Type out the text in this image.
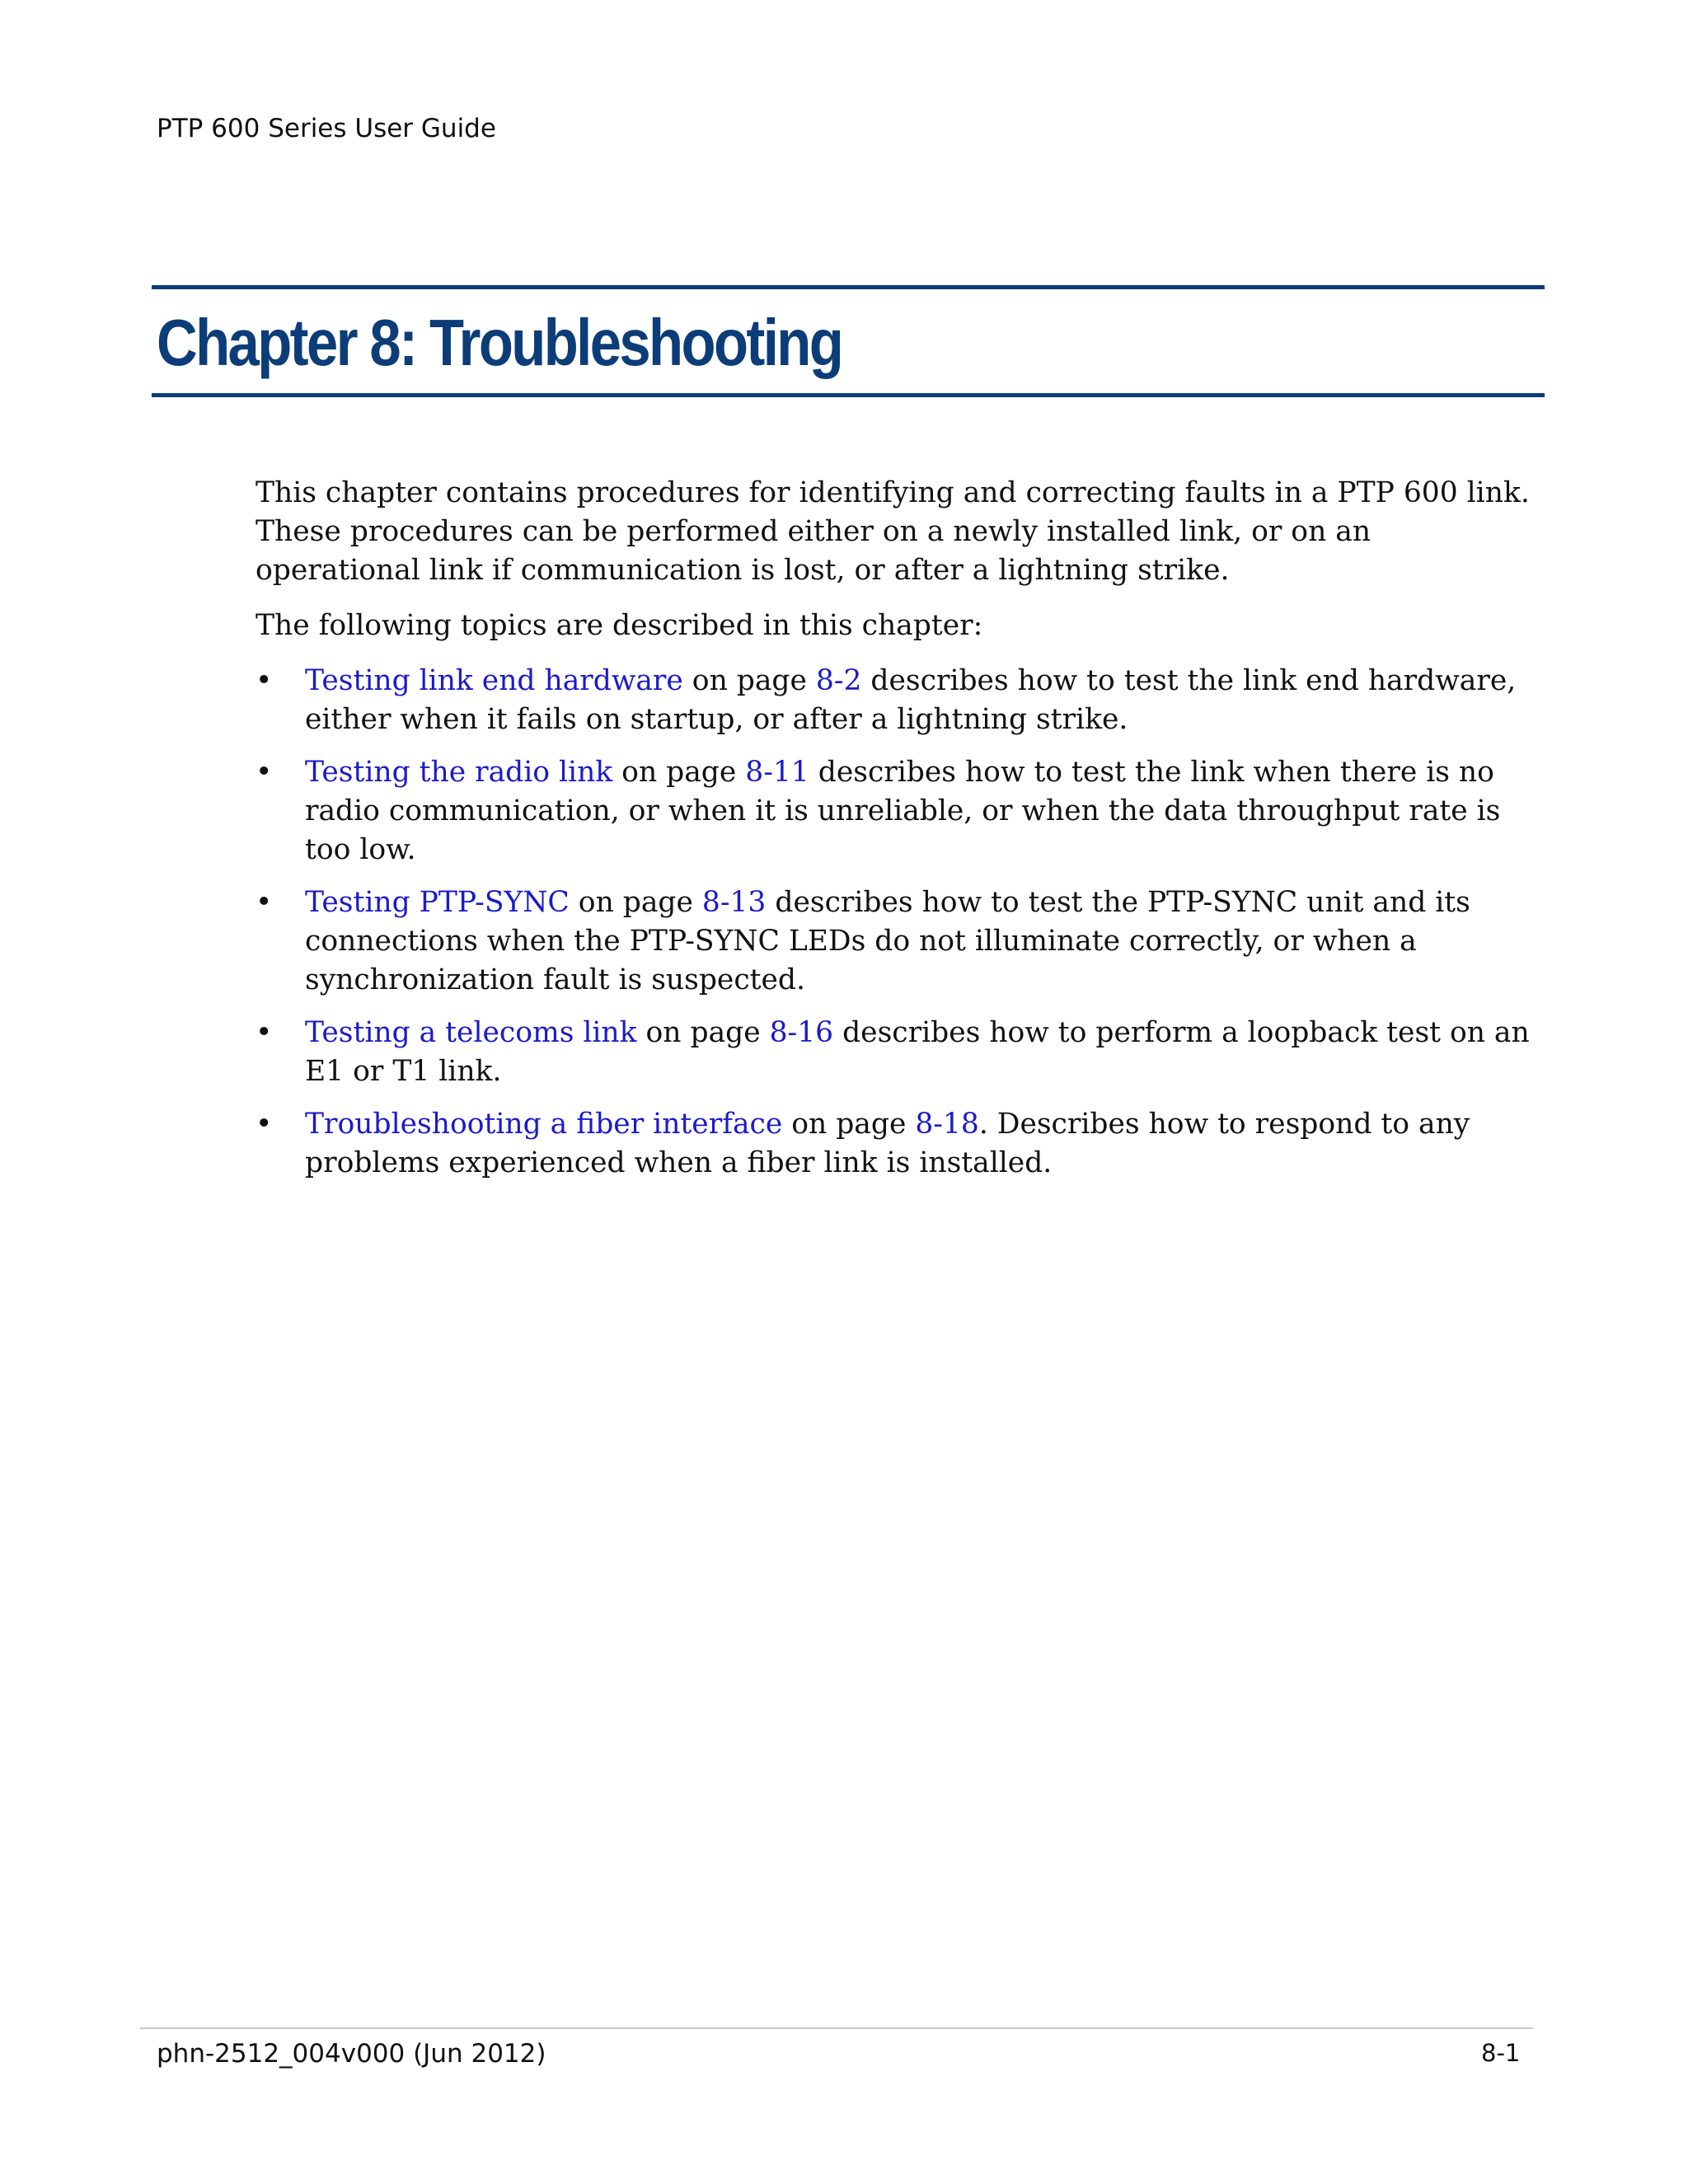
PTP 600 Series User Guide
Chapter 8: Troubleshooting

This chapter contains procedures for identifying and correcting faults in a PTP 600 link. These procedures can be performed either on a newly installed link, or on an operational link if communication is lost, or after a lightning strike.

The following topics are described in this chapter:

• Testing link end hardware on page 8-2 describes how to test the link end hardware, either when it fails on startup, or after a lightning strike.
• Testing the radio link on page 8-11 describes how to test the link when there is no radio communication, or when it is unreliable, or when the data throughput rate is too low.
• Testing PTP-SYNC on page 8-13 describes how to test the PTP-SYNC unit and its connections when the PTP-SYNC LEDs do not illuminate correctly, or when a synchronization fault is suspected.
• Testing a telecoms link on page 8-16 describes how to perform a loopback test on an E1 or T1 link.
• Troubleshooting a fiber interface on page 8-18. Describes how to respond to any problems experienced when a fiber link is installed.
phn-2512_004v000 (Jun 2012)	8-1
